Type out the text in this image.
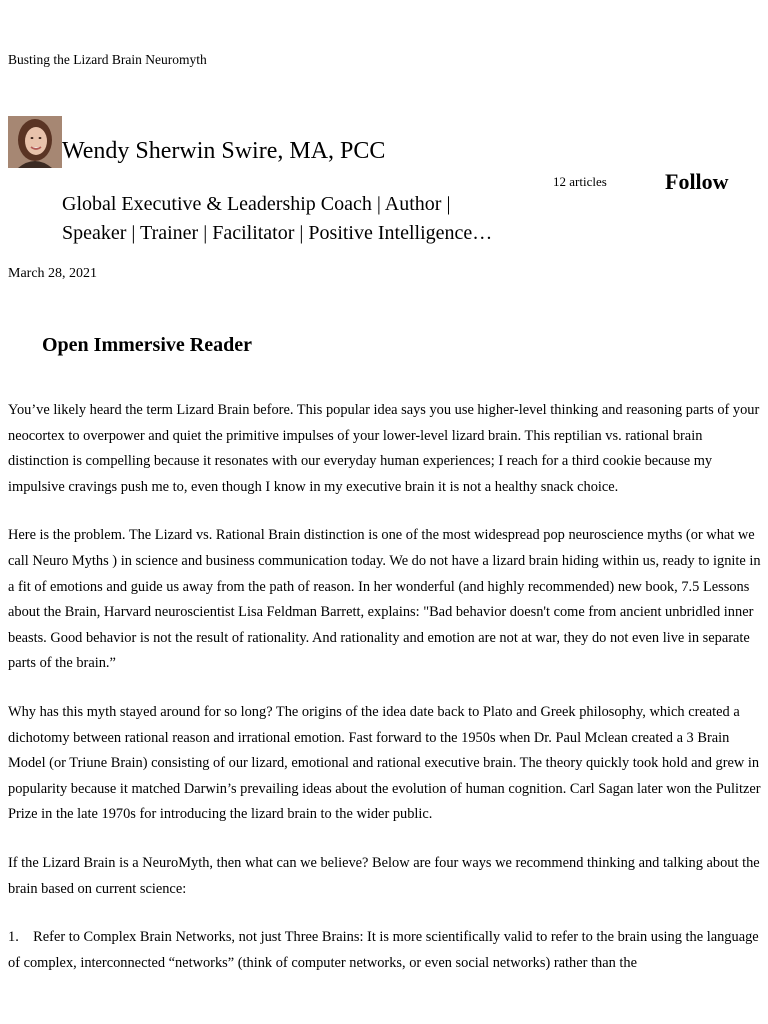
Busting the Lizard Brain Neuromyth
Wendy Sherwin Swire, MA, PCC
12 articles	Follow
Global Executive & Leadership Coach | Author |
Speaker | Trainer | Facilitator | Positive Intelligence…
March 28, 2021
Open Immersive Reader

You’ve likely heard the term Lizard Brain before. This popular idea says you use higher-level thinking and reasoning parts of your neocortex to overpower and quiet the primitive impulses of your lower-level lizard brain. This reptilian vs. rational brain distinction is compelling because it resonates with our everyday human experiences; I reach for a third cookie because my impulsive cravings push me to, even though I know in my executive brain it is not a healthy snack choice.

Here is the problem. The Lizard vs. Rational Brain distinction is one of the most widespread pop neuroscience myths (or what we call Neuro Myths ) in science and business communication today. We do not have a lizard brain hiding within us, ready to ignite in a fit of emotions and guide us away from the path of reason. In her wonderful (and highly recommended) new book, 7.5 Lessons about the Brain, Harvard neuroscientist Lisa Feldman Barrett, explains: "Bad behavior doesn't come from ancient unbridled inner beasts. Good behavior is not the result of rationality. And rationality and emotion are not at war, they do not even live in separate parts of the brain.”

Why has this myth stayed around for so long? The origins of the idea date back to Plato and Greek philosophy, which created a dichotomy between rational reason and irrational emotion. Fast forward to the 1950s when Dr. Paul Mclean created a 3 Brain Model (or Triune Brain) consisting of our lizard, emotional and rational executive brain. The theory quickly took hold and grew in popularity because it matched Darwin’s prevailing ideas about the evolution of human cognition. Carl Sagan later won the Pulitzer Prize in the late 1970s for introducing the lizard brain to the wider public.

If the Lizard Brain is a NeuroMyth, then what can we believe? Below are four ways we recommend thinking and talking about the brain based on current science:

1.    Refer to Complex Brain Networks, not just Three Brains: It is more scientifically valid to refer to the brain using the language of complex, interconnected “networks” (think of computer networks, or even social networks) rather than the
